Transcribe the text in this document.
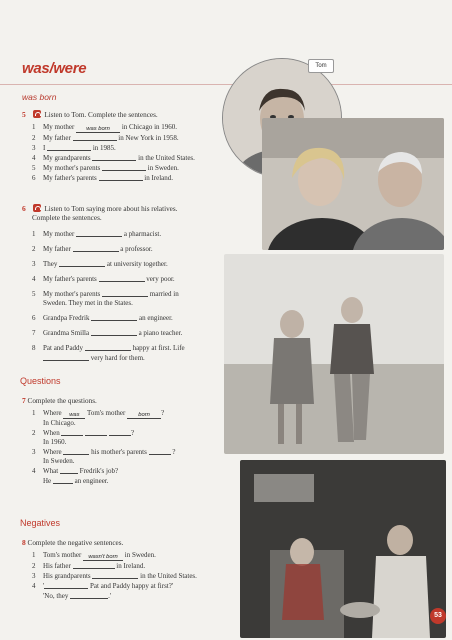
was/were
was born
5	Listen to Tom. Complete the sentences.
1 My mother was born in Chicago in 1960.
2 My father	in New York in 1958.
3 I	in 1985.
4 My grandparents	in the United States.
5 My mother's parents	in Sweden.
6 My father's parents	in Ireland.
6	Listen to Tom saying more about his relatives.
Complete the sentences.
1 My mother	a pharmacist.
2 My father	a professor.
3 They	at university together.
4 My father's parents	very poor.
5 My mother's parents	married in
Sweden. They met in the States.
6 Grandpa Fredrik	an engineer.
7 Grandma Smilla	a piano teacher.
8 Pat and Paddy	happy at first. Life
very hard for them.
Questions
7 Complete the questions.
1 Where was Tom's mother born ?
In Chicago.
2 When	?
In 1960.
3 Where	his mother's parents	?
In Sweden.
4 What	Fredrik's job?
He	an engineer.
Negatives
8 Complete the negative sentences.
1 Tom's mother wasn't born in Sweden.
2 His father	in Ireland.
3 His grandparents	in the United States.
4 '	Pat and Paddy happy at first?'
'No, they	.'
Tom
53
